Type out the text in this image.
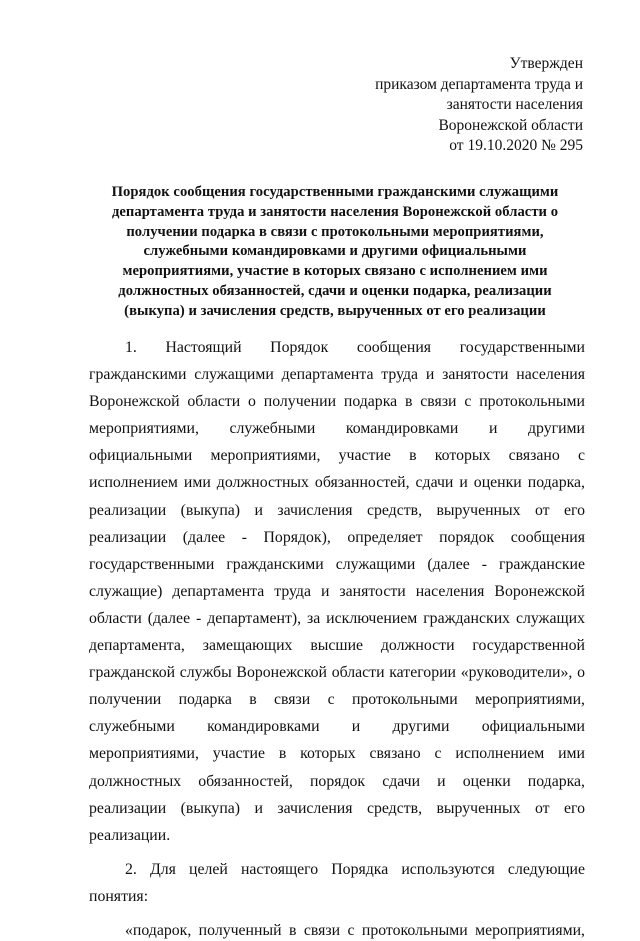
Утвержден
приказом департамента труда и
занятости населения
Воронежской области
от 19.10.2020 № 295
Порядок сообщения государственными гражданскими служащими департамента труда и занятости населения Воронежской области о получении подарка в связи с протокольными мероприятиями, служебными командировками и другими официальными мероприятиями, участие в которых связано с исполнением ими должностных обязанностей, сдачи и оценки подарка, реализации (выкупа) и зачисления средств, вырученных от его реализации

1. Настоящий Порядок сообщения государственными гражданскими служащими департамента труда и занятости населения Воронежской области о получении подарка в связи с протокольными мероприятиями, служебными командировками и другими официальными мероприятиями, участие в которых связано с исполнением ими должностных обязанностей, сдачи и оценки подарка, реализации (выкупа) и зачисления средств, вырученных от его реализации (далее - Порядок), определяет порядок сообщения государственными гражданскими служащими (далее - гражданские служащие) департамента труда и занятости населения Воронежской области (далее - департамент), за исключением гражданских служащих департамента, замещающих высшие должности государственной гражданской службы Воронежской области категории «руководители», о получении подарка в связи с протокольными мероприятиями, служебными командировками и другими официальными мероприятиями, участие в которых связано с исполнением ими должностных обязанностей, порядок сдачи и оценки подарка, реализации (выкупа) и зачисления средств, вырученных от его реализации.

2. Для целей настоящего Порядка используются следующие понятия:

«подарок, полученный в связи с протокольными мероприятиями,
